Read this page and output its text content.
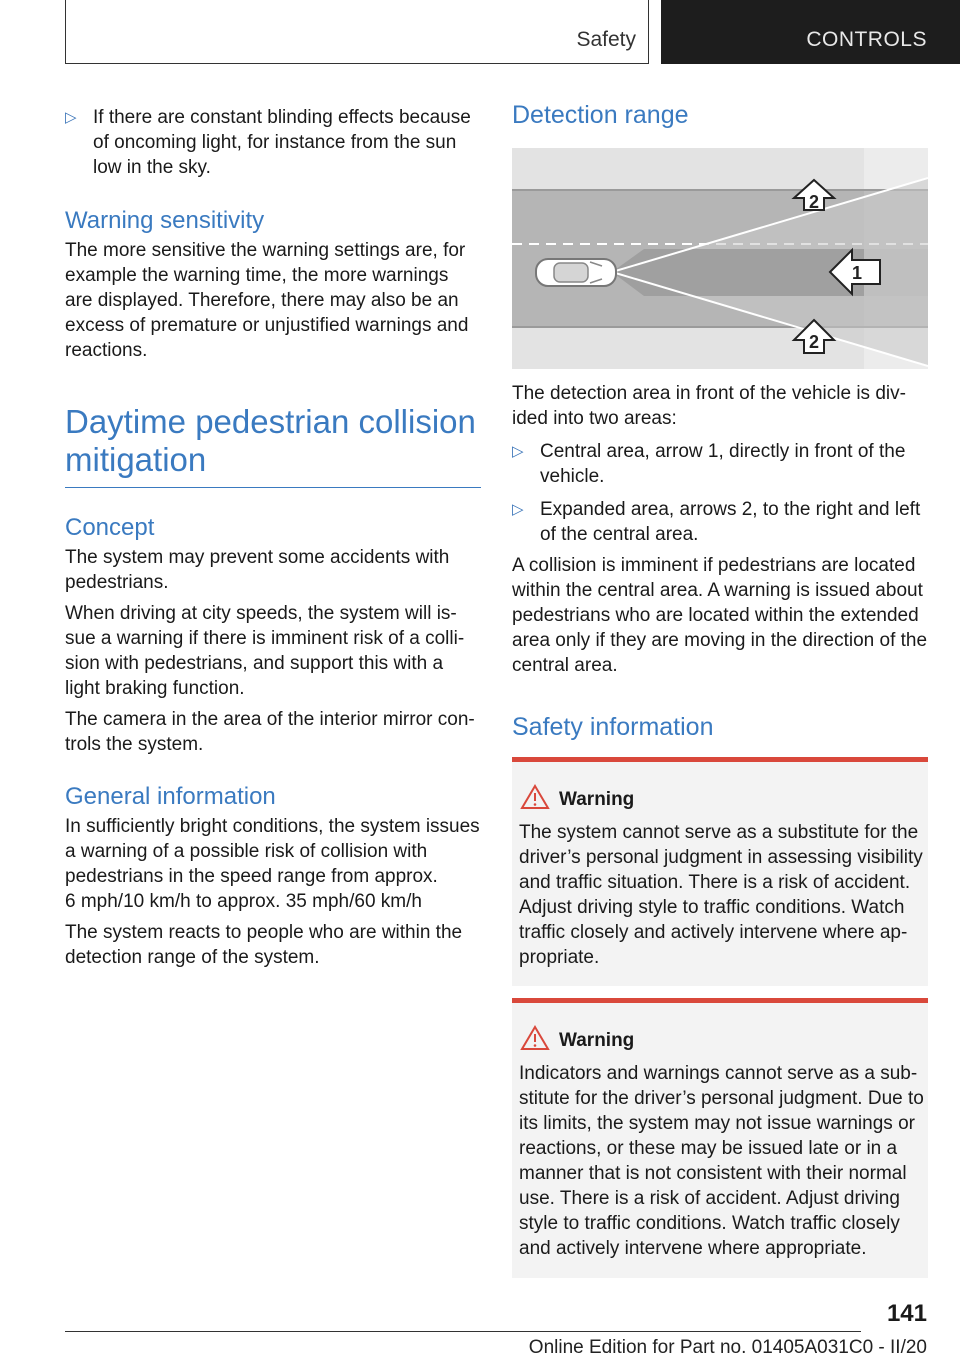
Safety	CONTROLS
▷ If there are constant blinding effects because of oncoming light, for instance from the sun low in the sky.
Warning sensitivity

The more sensitive the warning settings are, for example the warning time, the more warnings are displayed. Therefore, there may also be an excess of premature or unjustified warnings and reactions.

Daytime pedestrian collision
mitigation
Concept

The system may prevent some accidents with pedestrians.

When driving at city speeds, the system will issue a warning if there is imminent risk of a collision with pedestrians, and support this with a light braking function.

The camera in the area of the interior mirror controls the system.

General information

In sufficiently bright conditions, the system issues a warning of a possible risk of collision with pedestrians in the speed range from approx.
6 mph/10 km/h to approx. 35 mph/60 km/h

The system reacts to people who are within the detection range of the system.

Detection range
2
1
2

The detection area in front of the vehicle is divided into two areas:

▷ Central area, arrow 1, directly in front of the vehicle.
▷ Expanded area, arrows 2, to the right and left of the central area.

A collision is imminent if pedestrians are located within the central area. A warning is issued about pedestrians who are located within the extended area only if they are moving in the direction of the central area.

Safety information
Warning
The system cannot serve as a substitute for the driver’s personal judgment in assessing visibility and traffic situation. There is a risk of accident. Adjust driving style to traffic conditions. Watch traffic closely and actively intervene where appropriate.
Warning
Indicators and warnings cannot serve as a substitute for the driver’s personal judgment. Due to its limits, the system may not issue warnings or reactions, or these may be issued late or in a manner that is not consistent with their normal use. There is a risk of accident. Adjust driving style to traffic conditions. Watch traffic closely and actively intervene where appropriate.
141
Online Edition for Part no. 01405A031C0 - II/20
